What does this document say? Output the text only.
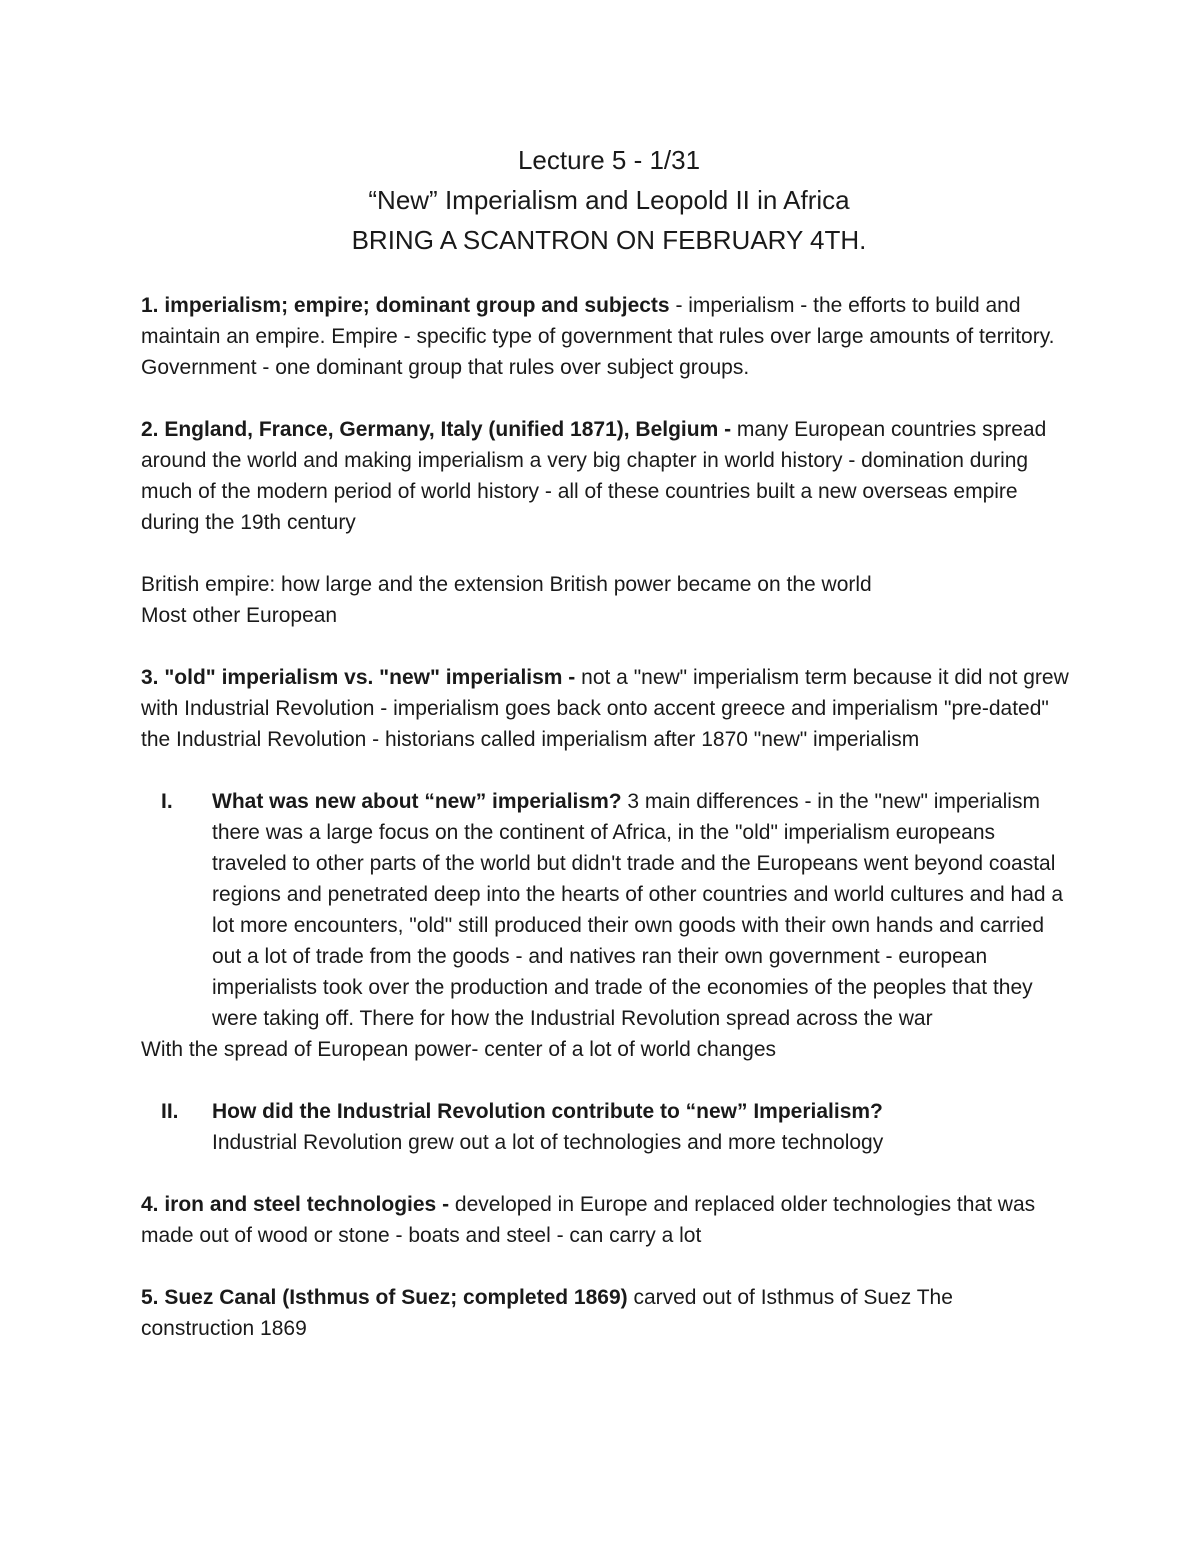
Lecture 5 - 1/31
“New” Imperialism and Leopold II in Africa
BRING A SCANTRON ON FEBRUARY 4TH.

1. imperialism; empire; dominant group and subjects - imperialism - the efforts to build and maintain an empire. Empire - specific type of government that rules over large amounts of territory. Government - one dominant group that rules over subject groups.

2. England, France, Germany, Italy (unified 1871), Belgium - many European countries spread around the world and making imperialism a very big chapter in world history - domination during much of the modern period of world history - all of these countries built a new overseas empire during the 19th century

British empire: how large and the extension British power became on the world
Most other European

3. "old" imperialism vs. "new" imperialism - not a "new" imperialism term because it did not grew with Industrial Revolution - imperialism goes back onto accent greece and imperialism "pre-dated" the Industrial Revolution - historians called imperialism after 1870 "new" imperialism

I. What was new about “new” imperialism? 3 main differences - in the "new" imperialism there was a large focus on the continent of Africa, in the "old" imperialism europeans traveled to other parts of the world but didn't trade and the Europeans went beyond coastal regions and penetrated deep into the hearts of other countries and world cultures and had a lot more encounters, "old" still produced their own goods with their own hands and carried out a lot of trade from the goods - and natives ran their own government - european imperialists took over the production and trade of the economies of the peoples that they were taking off. There for how the Industrial Revolution spread across the war

With the spread of European power- center of a lot of world changes

II. How did the Industrial Revolution contribute to “new” Imperialism?
Industrial Revolution grew out a lot of technologies and more technology

4. iron and steel technologies - developed in Europe and replaced older technologies that was made out of wood or stone - boats and steel - can carry a lot

5. Suez Canal (Isthmus of Suez; completed 1869) carved out of Isthmus of Suez The construction 1869
